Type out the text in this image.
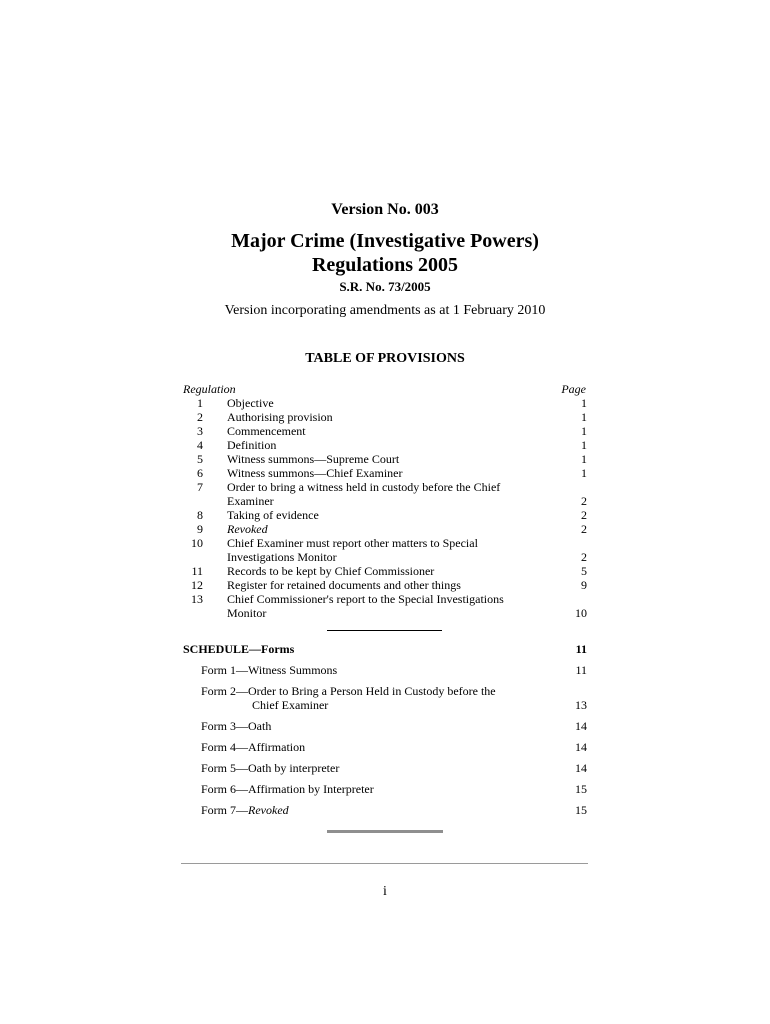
Version No. 003
Major Crime (Investigative Powers)
Regulations 2005
S.R. No. 73/2005
Version incorporating amendments as at 1 February 2010
TABLE OF PROVISIONS
Regulation	Page
1 Objective	1
2 Authorising provision	1
3 Commencement	1
4 Definition	1
5 Witness summons—Supreme Court	1
6 Witness summons—Chief Examiner	1
7 Order to bring a witness held in custody before the Chief Examiner	2
8 Taking of evidence	2
9 Revoked	2
10 Chief Examiner must report other matters to Special Investigations Monitor	2
11 Records to be kept by Chief Commissioner	5
12 Register for retained documents and other things	9
13 Chief Commissioner's report to the Special Investigations Monitor	10
SCHEDULE—Forms	11
Form 1—Witness Summons	11
Form 2—Order to Bring a Person Held in Custody before the
Chief Examiner	13
Form 3—Oath	14
Form 4—Affirmation	14
Form 5—Oath by interpreter	14
Form 6—Affirmation by Interpreter	15
Form 7—Revoked	15
i
